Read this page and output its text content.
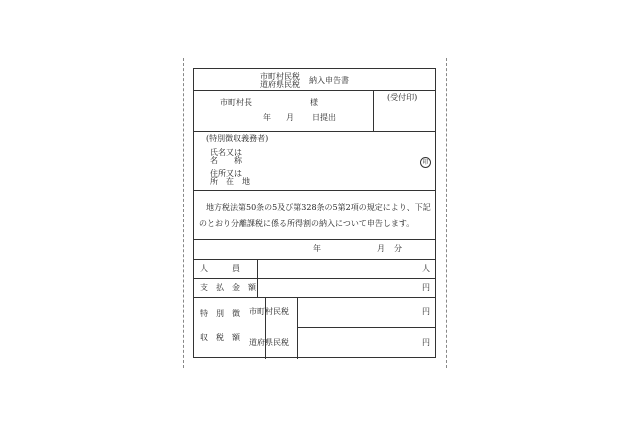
市町村民税
道府県民税 納入申告書
市町村長	様
(受付印)
年 月 日提出
(特別徴収義務者)
氏名又は
名　　称	印
住所又は
所　在　地
地方税法第50条の5及び第328条の5第2項の規定により、下記
のとおり分離課税に係る所得割の納入について申告します。
年	月 分
人　　　員	人
支　払　金　額	円
特　別　徴
収　税　額
市町村民税	円
道府県民税	円
